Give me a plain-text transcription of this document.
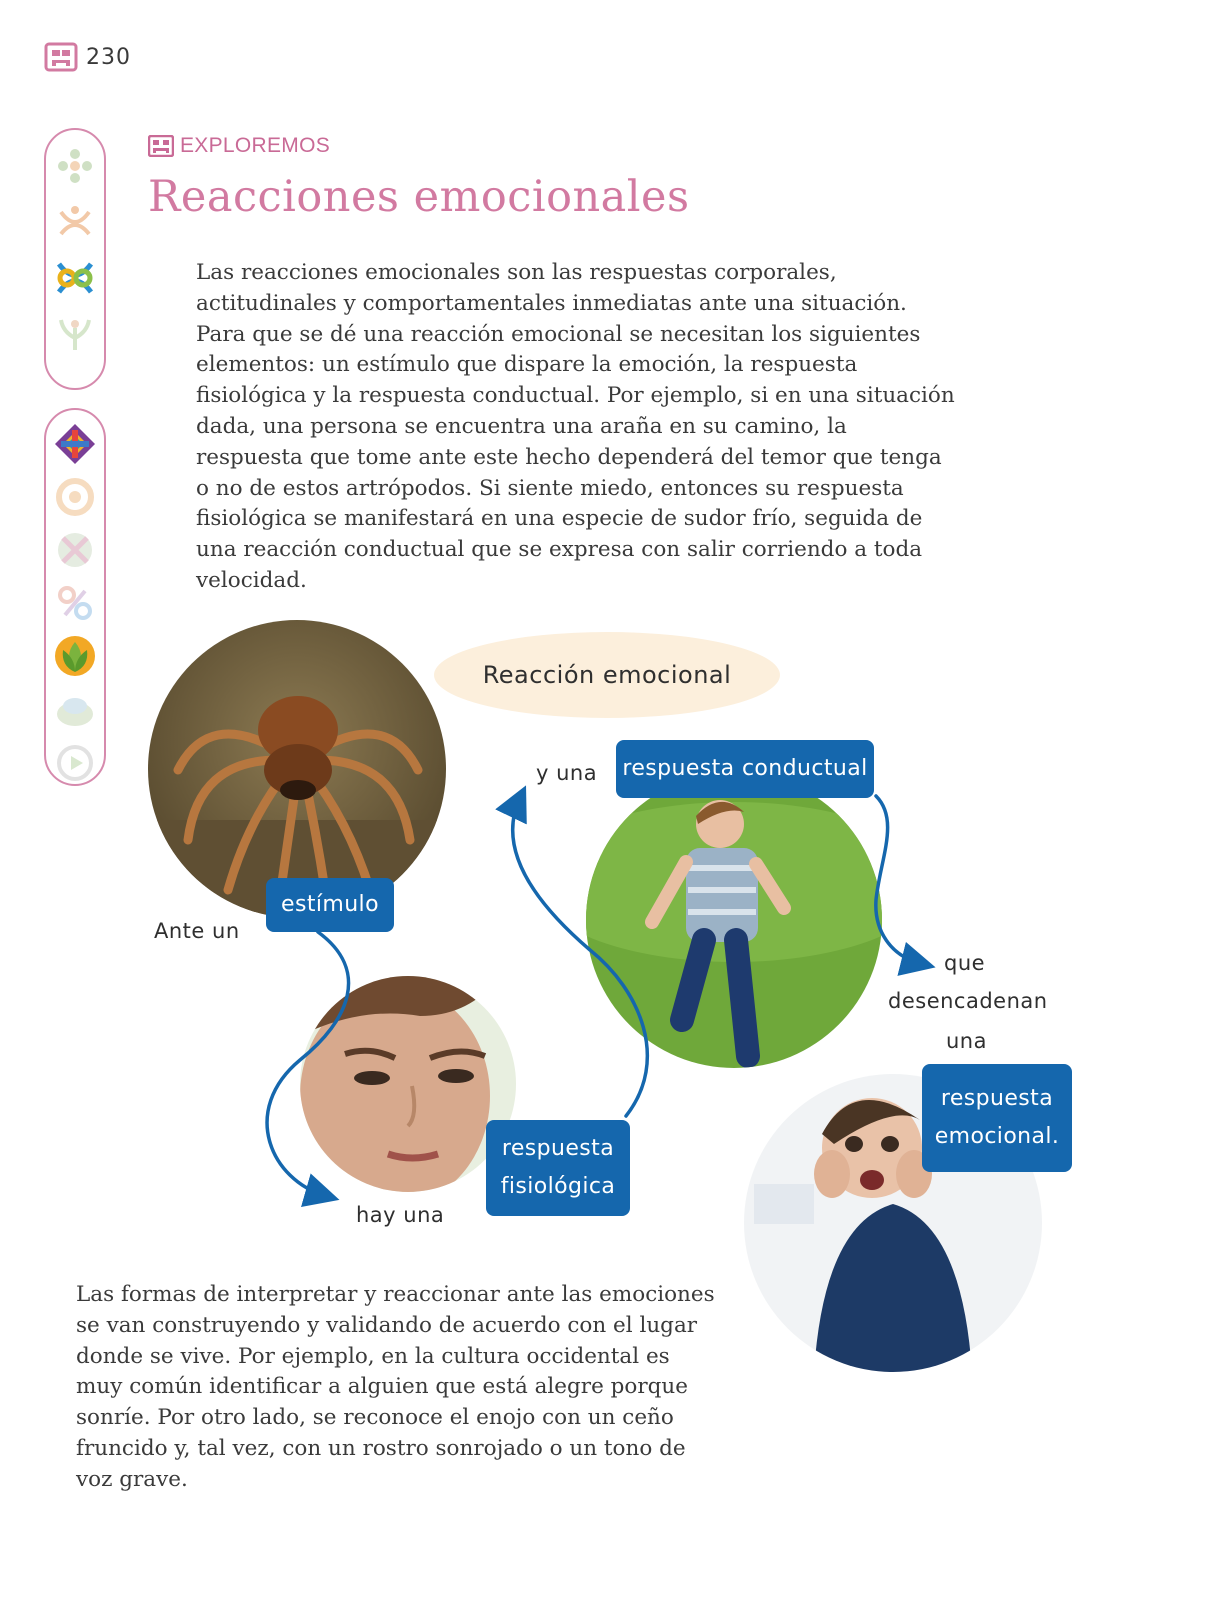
230
EXPLOREMOS
Reacciones emocionales

Las reacciones emocionales son las respuestas corporales, actitudinales y comportamentales inmediatas ante una situación. Para que se dé una reacción emocional se necesitan los siguientes elementos: un estímulo que dispare la emoción, la respuesta fisiológica y la respuesta conductual. Por ejemplo, si en una situación dada, una persona se encuentra una araña en su camino, la respuesta que tome ante este hecho dependerá del temor que tenga o no de estos artrópodos. Si siente miedo, entonces su respuesta fisiológica se manifestará en una especie de sudor frío, seguida de una reacción conductual que se expresa con salir corriendo a toda velocidad.

Reacción emocional
Ante un
estímulo
hay una
respuesta
fisiológica
y una respuesta conductual
que
desencadenan
una
respuesta
emocional.

Las formas de interpretar y reaccionar ante las emociones se van construyendo y validando de acuerdo con el lugar donde se vive. Por ejemplo, en la cultura occidental es muy común identificar a alguien que está alegre porque sonríe. Por otro lado, se reconoce el enojo con un ceño fruncido y, tal vez, con un rostro sonrojado o un tono de voz grave.
